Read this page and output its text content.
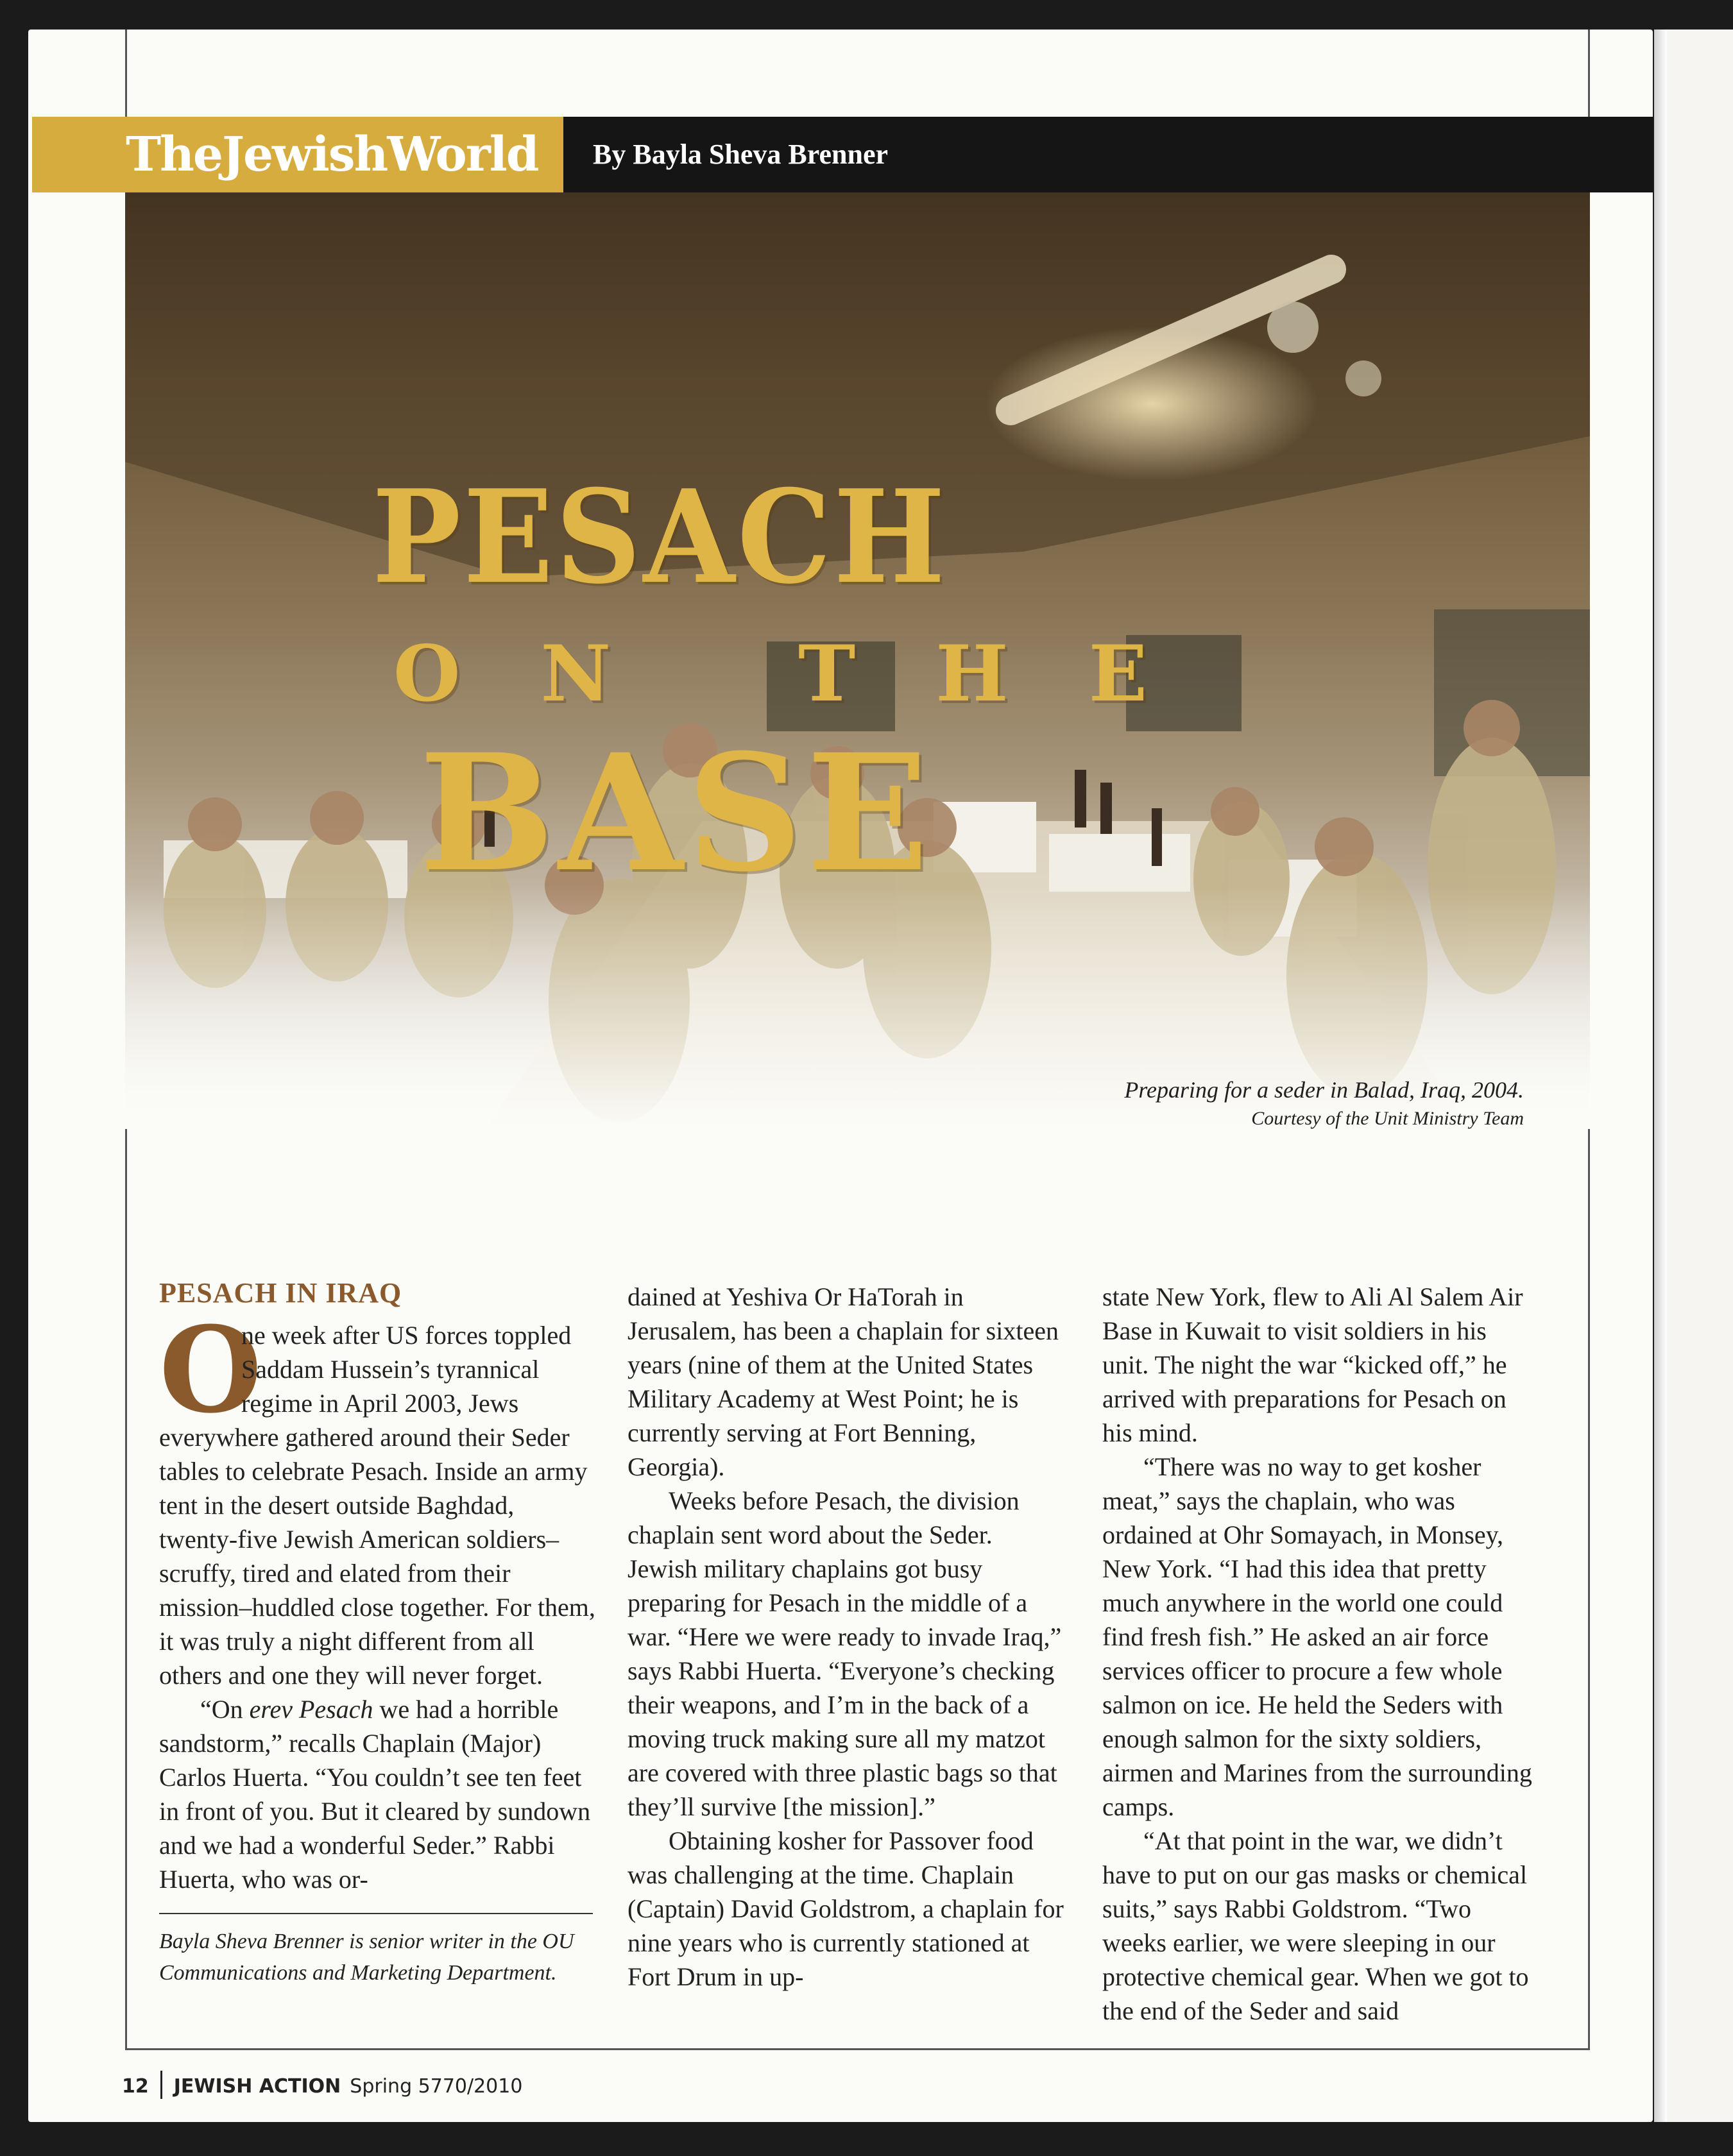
TheJewishWorld	By Bayla Sheva Brenner
PESACH
ON THE
BASE
Preparing for a seder in Balad, Iraq, 2004.
Courtesy of the Unit Ministry Team
PESACH IN IRAQ

O
ne week after US forces toppled Saddam Hussein’s tyrannical regime in April 2003, Jews everywhere gathered around their Seder tables to celebrate Pesach. Inside an army tent in the desert outside Baghdad, twenty-five Jewish American soldiers–scruffy, tired and elated from their mission–huddled close together. For them, it was truly a night different from all others and one they will never forget.

“On erev Pesach we had a horrible sandstorm,” recalls Chaplain (Major) Carlos Huerta. “You couldn’t see ten feet in front of you. But it cleared by sundown and we had a wonderful Seder.” Rabbi Huerta, who was or-

dained at Yeshiva Or HaTorah in Jerusalem, has been a chaplain for sixteen years (nine of them at the United States Military Academy at West Point; he is currently serving at Fort Benning, Georgia).

Weeks before Pesach, the division chaplain sent word about the Seder. Jewish military chaplains got busy preparing for Pesach in the middle of a war. “Here we were ready to invade Iraq,” says Rabbi Huerta. “Everyone’s checking their weapons, and I’m in the back of a moving truck making sure all my matzot are covered with three plastic bags so that they’ll survive [the mission].”

Obtaining kosher for Passover food was challenging at the time. Chaplain (Captain) David Goldstrom, a chaplain for nine years who is currently stationed at Fort Drum in up-

state New York, flew to Ali Al Salem Air Base in Kuwait to visit soldiers in his unit. The night the war “kicked off,” he arrived with preparations for Pesach on his mind.

“There was no way to get kosher meat,” says the chaplain, who was ordained at Ohr Somayach, in Monsey, New York. “I had this idea that pretty much anywhere in the world one could find fresh fish.” He asked an air force services officer to procure a few whole salmon on ice. He held the Seders with enough salmon for the sixty soldiers, airmen and Marines from the surrounding camps.

“At that point in the war, we didn’t have to put on our gas masks or chemical suits,” says Rabbi Goldstrom. “Two weeks earlier, we were sleeping in our protective chemical gear. When we got to the end of the Seder and said

Bayla Sheva Brenner is senior writer in the OU Communications and Marketing Department.
12 JEWISH ACTION Spring 5770/2010
